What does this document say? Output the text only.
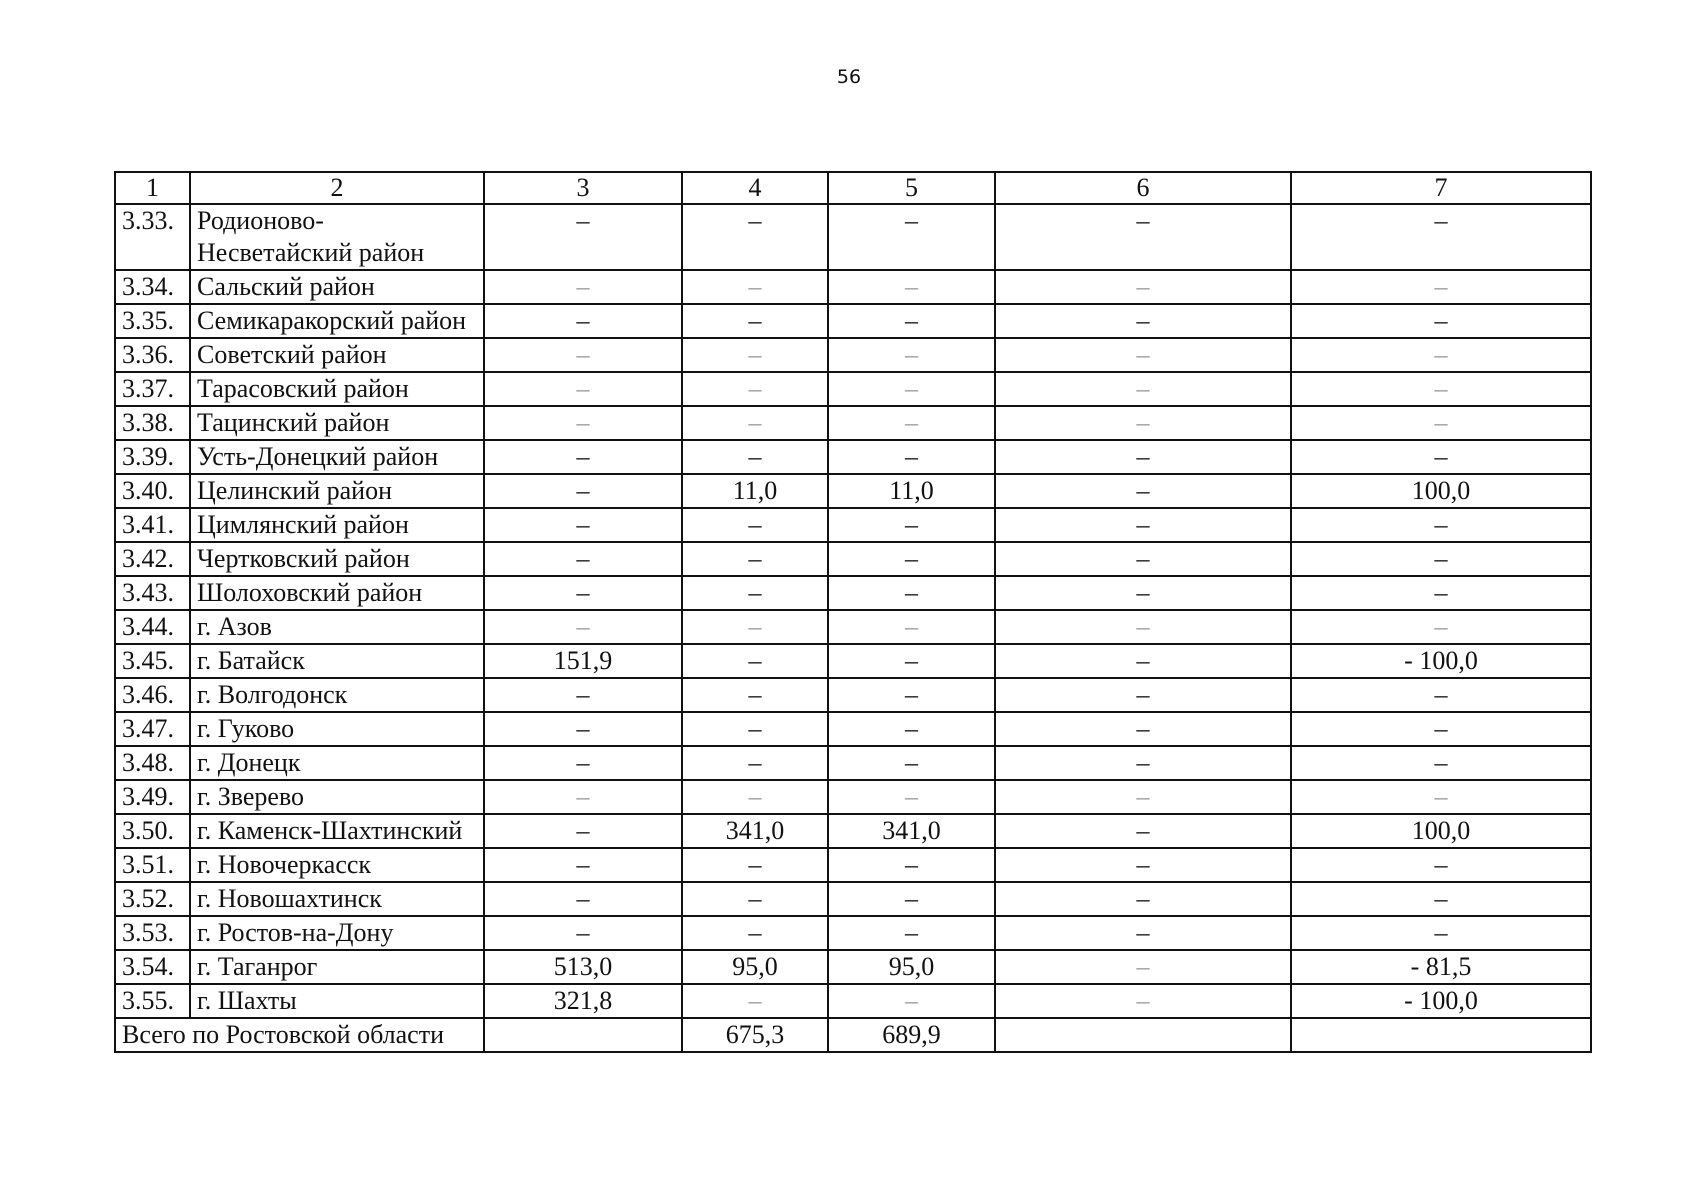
56
1	2	3	4	5	6	7
3.33.	Родионово-Несветайский район	–	–	–	–	–
3.34.	Сальский район	–	–	–	–	–
3.35.	Семикаракорский район	–	–	–	–	–
3.36.	Советский район	–	–	–	–	–
3.37.	Тарасовский район	–	–	–	–	–
3.38.	Тацинский район	–	–	–	–	–
3.39.	Усть-Донецкий район	–	–	–	–	–
3.40.	Целинский район	–	11,0	11,0	–	100,0
3.41.	Цимлянский район	–	–	–	–	–
3.42.	Чертковский район	–	–	–	–	–
3.43.	Шолоховский район	–	–	–	–	–
3.44.	г. Азов	–	–	–	–	–
3.45.	г. Батайск	151,9	–	–	–	- 100,0
3.46.	г. Волгодонск	–	–	–	–	–
3.47.	г. Гуково	–	–	–	–	–
3.48.	г. Донецк	–	–	–	–	–
3.49.	г. Зверево	–	–	–	–	–
3.50.	г. Каменск-Шахтинский	–	341,0	341,0	–	100,0
3.51.	г. Новочеркасск	–	–	–	–	–
3.52.	г. Новошахтинск	–	–	–	–	–
3.53.	г. Ростов-на-Дону	–	–	–	–	–
3.54.	г. Таганрог	513,0	95,0	95,0	–	- 81,5
3.55.	г. Шахты	321,8	–	–	–	- 100,0
Всего по Ростовской области			675,3	689,9		
